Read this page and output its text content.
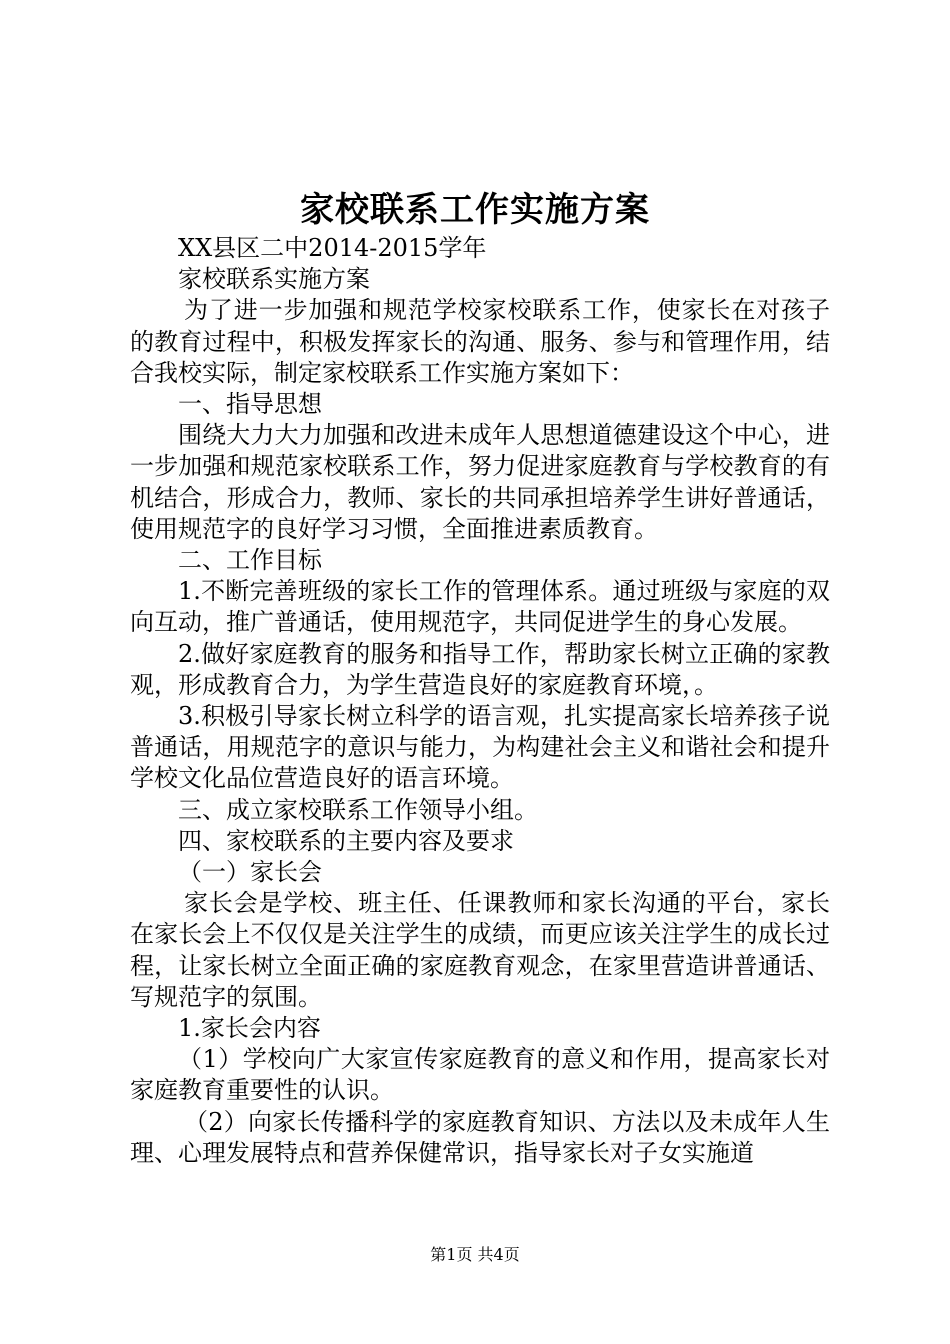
家校联系工作实施方案

XX县区二中2014-2015学年

家校联系实施方案

为了进一步加强和规范学校家校联系工作，使家长在对孩子的教育过程中，积极发挥家长的沟通、服务、参与和管理作用，结合我校实际，制定家校联系工作实施方案如下：

一、指导思想

围绕大力大力加强和改进未成年人思想道德建设这个中心，进一步加强和规范家校联系工作，努力促进家庭教育与学校教育的有机结合，形成合力，教师、家长的共同承担培养学生讲好普通话，使用规范字的良好学习习惯，全面推进素质教育。

二、工作目标

1.不断完善班级的家长工作的管理体系。通过班级与家庭的双向互动，推广普通话，使用规范字，共同促进学生的身心发展。

2.做好家庭教育的服务和指导工作，帮助家长树立正确的家教观，形成教育合力，为学生营造良好的家庭教育环境，。

3.积极引导家长树立科学的语言观，扎实提高家长培养孩子说普通话，用规范字的意识与能力，为构建社会主义和谐社会和提升学校文化品位营造良好的语言环境。

三、成立家校联系工作领导小组。

四、家校联系的主要内容及要求

（一）家长会

家长会是学校、班主任、任课教师和家长沟通的平台，家长在家长会上不仅仅是关注学生的成绩，而更应该关注学生的成长过程，让家长树立全面正确的家庭教育观念，在家里营造讲普通话、写规范字的氛围。

1.家长会内容

（1）学校向广大家宣传家庭教育的意义和作用，提高家长对家庭教育重要性的认识。

（2）向家长传播科学的家庭教育知识、方法以及未成年人生理、心理发展特点和营养保健常识，指导家长对子女实施道

第1页 共4页
